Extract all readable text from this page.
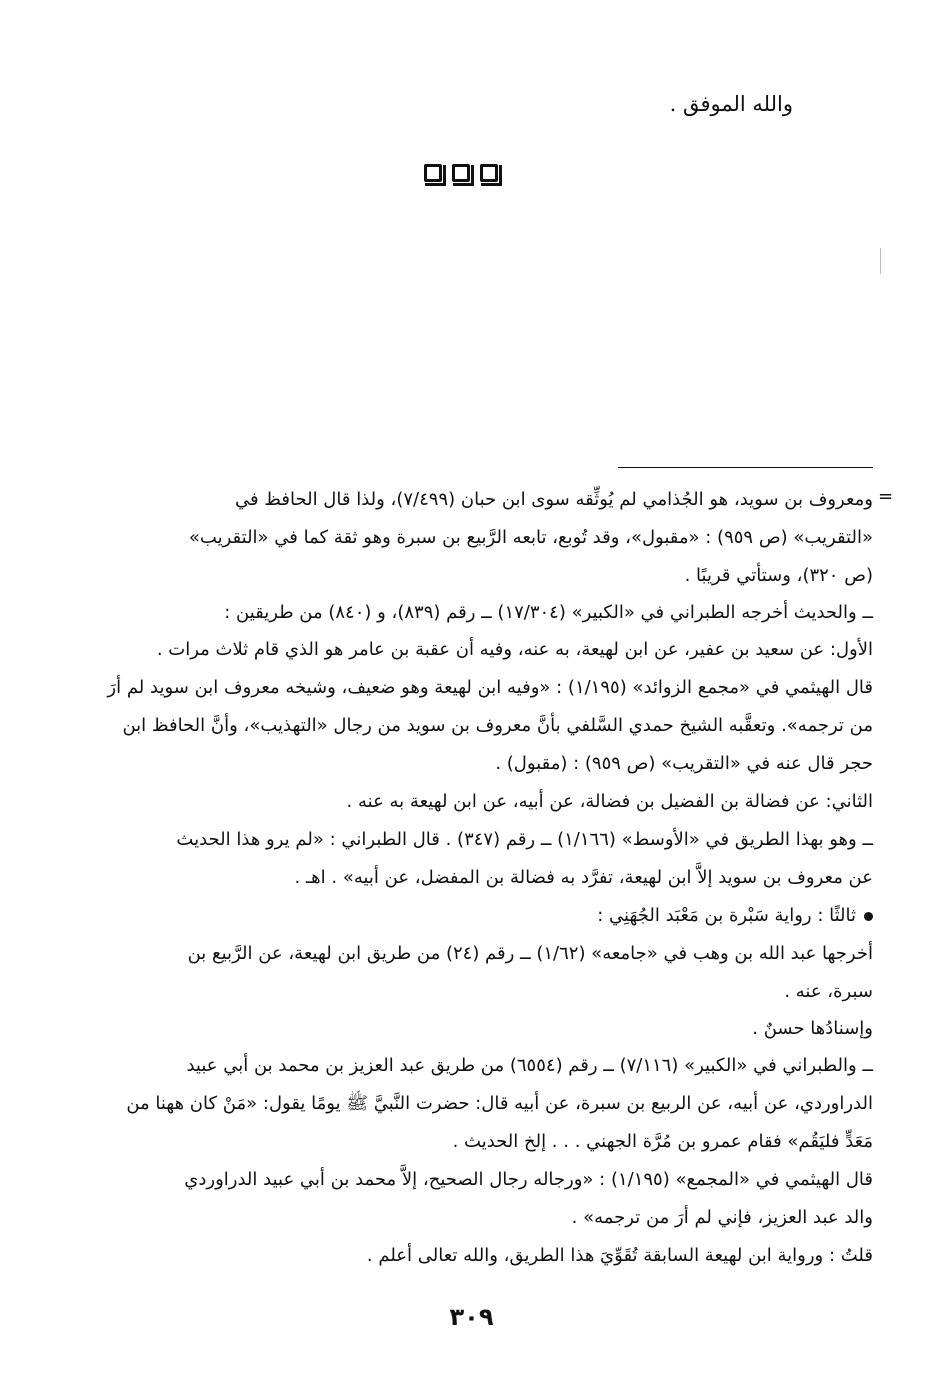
والله الموفق .
=
ومعروف بن سويد، هو الجُذامي لم يُوثِّقه سوى ابن حبان (٧/٤٩٩)، ولذا قال الحافظ في
«التقريب» (ص ٩٥٩) : «مقبول»، وقد تُوبع، تابعه الرَّبيع بن سبرة وهو ثقة كما في «التقريب»
(ص ٣٢٠)، وستأتي قريبًا .
ــ والحديث أخرجه الطبراني في «الكبير» (١٧/٣٠٤) ــ رقم (٨٣٩)، و (٨٤٠) من طريقين :
الأول: عن سعيد بن عفير، عن ابن لهيعة، به عنه، وفيه أن عقبة بن عامر هو الذي قام ثلاث مرات .
قال الهيثمي في «مجمع الزوائد» (١/١٩٥) : «وفيه ابن لهيعة وهو ضعيف، وشيخه معروف ابن سويد لم أرَ
من ترجمه». وتعقَّبه الشيخ حمدي السَّلفي بأنَّ معروف بن سويد من رجال «التهذيب»، وأنَّ الحافظ ابن
حجر قال عنه في «التقريب» (ص ٩٥٩) : (مقبول) .
الثاني: عن فضالة بن الفضيل بن فضالة، عن أبيه، عن ابن لهيعة به عنه .
ــ وهو بهذا الطريق في «الأوسط» (١/١٦٦) ــ رقم (٣٤٧) . قال الطبراني : «لم يرو هذا الحديث
عن معروف بن سويد إلاَّ ابن لهيعة، تفرَّد به فضالة بن المفضل، عن أبيه» . اهـ .
ثالثًا : رواية سَبْرة بن مَعْبَد الجُهَنِي :
أخرجها عبد الله بن وهب في «جامعه» (١/٦٢) ــ رقم (٢٤) من طريق ابن لهيعة، عن الرَّبيع بن
سبرة، عنه .
وإسنادُها حسنٌ .
ــ والطبراني في «الكبير» (٧/١١٦) ــ رقم (٦٥٥٤) من طريق عبد العزيز بن محمد بن أبي عبيد
الدراوردي، عن أبيه، عن الربيع بن سبرة، عن أبيه قال: حضرت النَّبيَّ ﷺ يومًا يقول: «مَنْ كان ههنا من
مَعَدٍّ فليَقُم» فقام عمرو بن مُرَّة الجهني . . . إلخ الحديث .
قال الهيثمي في «المجمع» (١/١٩٥) : «ورجاله رجال الصحيح، إلاَّ محمد بن أبي عبيد الدراوردي
والد عبد العزيز، فإني لم أرَ من ترجمه» .
قلتُ : ورواية ابن لهيعة السابقة تُقَوِّيَ هذا الطريق، والله تعالى أعلم .
٣٠٩
